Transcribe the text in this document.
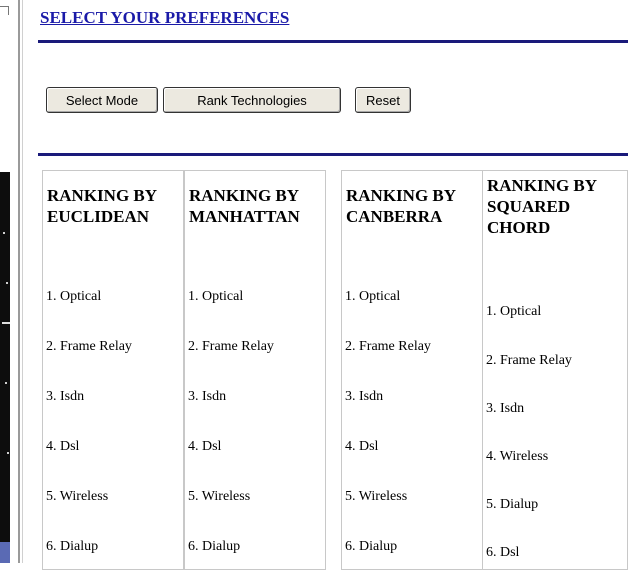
SELECT YOUR PREFERENCES
Select Mode	Rank Technologies	Reset
RANKING BY
EUCLIDEAN
1. Optical
2. Frame Relay
3. Isdn
4. Dsl
5. Wireless
6. Dialup
RANKING BY
MANHATTAN
1. Optical
2. Frame Relay
3. Isdn
4. Dsl
5. Wireless
6. Dialup
RANKING BY
CANBERRA
1. Optical
2. Frame Relay
3. Isdn
4. Dsl
5. Wireless
6. Dialup
RANKING BY
SQUARED
CHORD
1. Optical
2. Frame Relay
3. Isdn
4. Wireless
5. Dialup
6. Dsl
